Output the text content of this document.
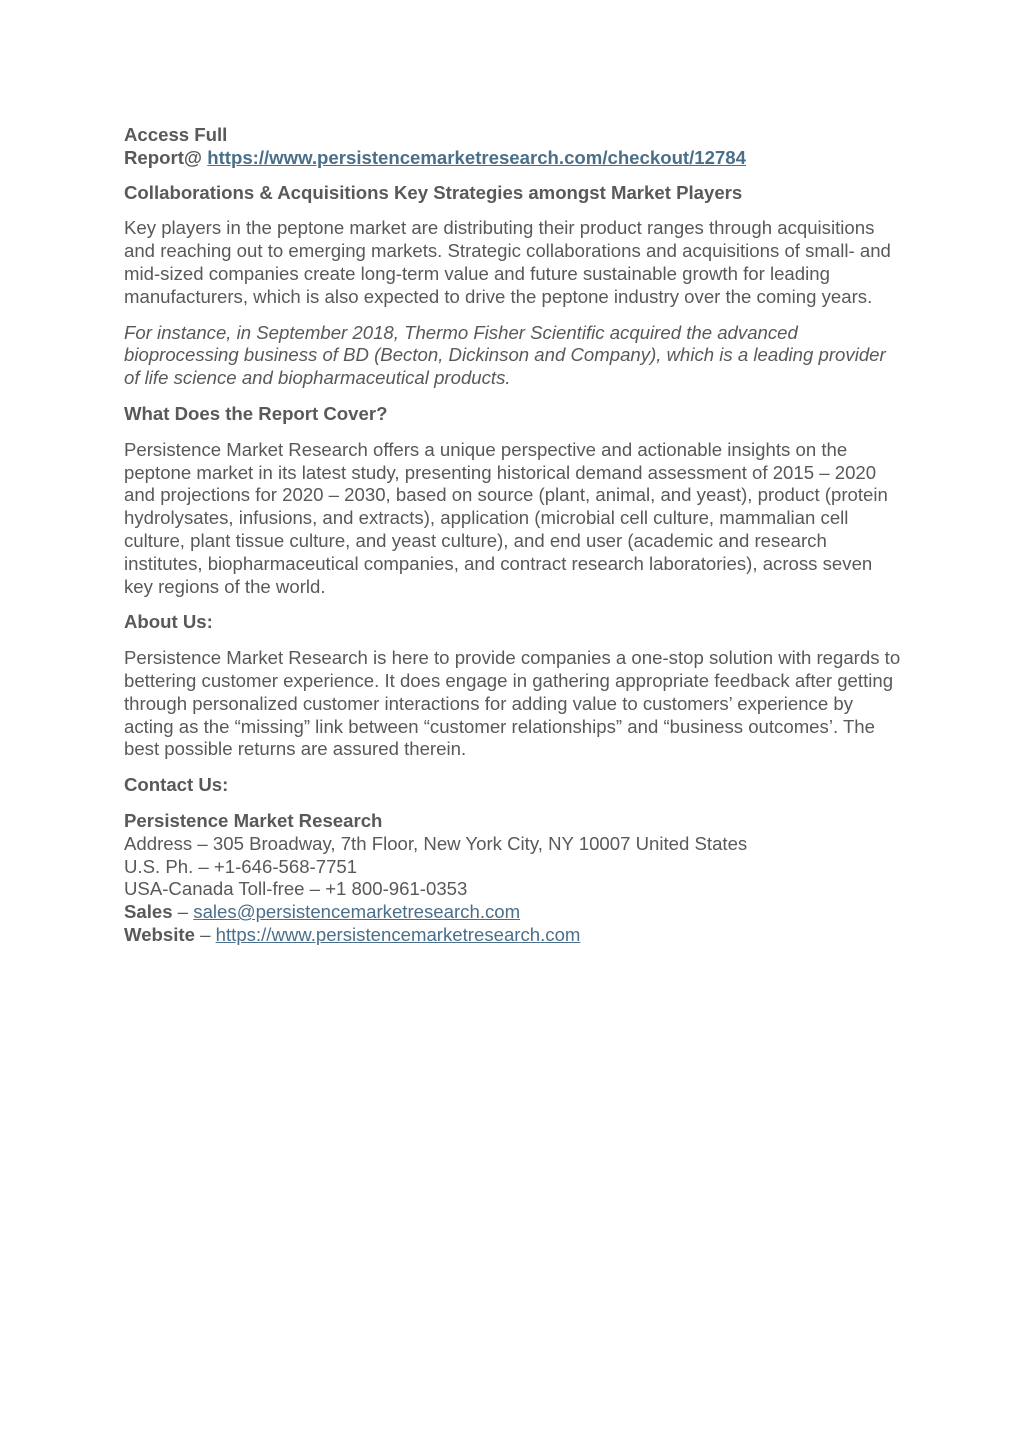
Access Full
Report@ https://www.persistencemarketresearch.com/checkout/12784

Collaborations & Acquisitions Key Strategies amongst Market Players

Key players in the peptone market are distributing their product ranges through acquisitions and reaching out to emerging markets. Strategic collaborations and acquisitions of small- and mid-sized companies create long-term value and future sustainable growth for leading manufacturers, which is also expected to drive the peptone industry over the coming years.

For instance, in September 2018, Thermo Fisher Scientific acquired the advanced bioprocessing business of BD (Becton, Dickinson and Company), which is a leading provider of life science and biopharmaceutical products.

What Does the Report Cover?

Persistence Market Research offers a unique perspective and actionable insights on the peptone market in its latest study, presenting historical demand assessment of 2015 – 2020 and projections for 2020 – 2030, based on source (plant, animal, and yeast), product (protein hydrolysates, infusions, and extracts), application (microbial cell culture, mammalian cell culture, plant tissue culture, and yeast culture), and end user (academic and research institutes, biopharmaceutical companies, and contract research laboratories), across seven key regions of the world.

About Us:

Persistence Market Research is here to provide companies a one-stop solution with regards to bettering customer experience. It does engage in gathering appropriate feedback after getting through personalized customer interactions for adding value to customers’ experience by acting as the “missing” link between “customer relationships” and “business outcomes’. The best possible returns are assured therein.

Contact Us:

Persistence Market Research
Address – 305 Broadway, 7th Floor, New York City, NY 10007 United States
U.S. Ph. – +1-646-568-7751
USA-Canada Toll-free – +1 800-961-0353
Sales – sales@persistencemarketresearch.com
Website – https://www.persistencemarketresearch.com
